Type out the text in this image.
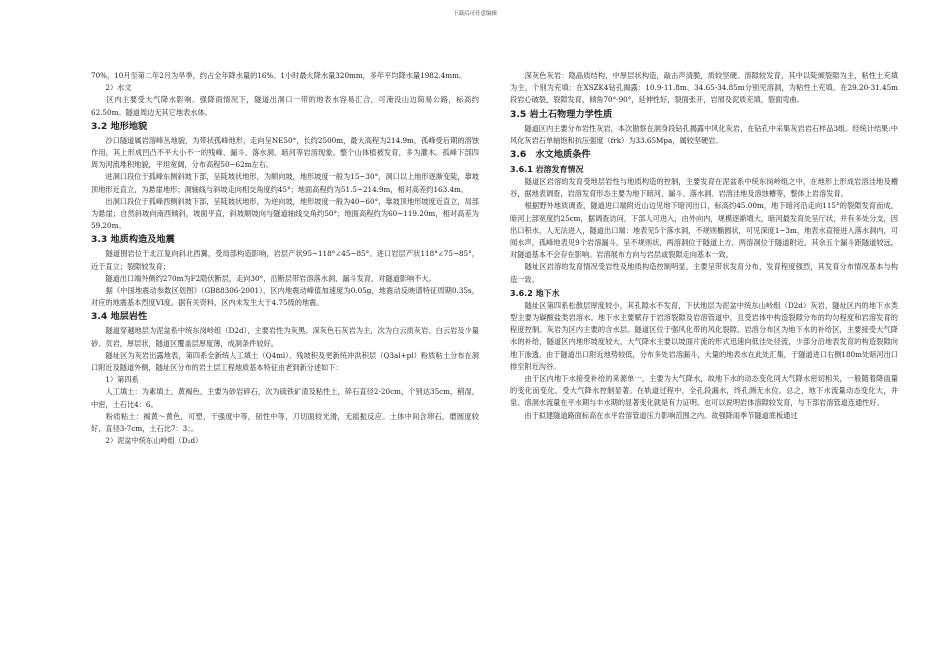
下载后可任意编辑

70%，10月至第二年2月为旱季，约占全年降水量的16%。1小时最大降水量320mm，多年平均降水量1982.4mm。

　　2）水文

　　区内主要受大气降水影响。强降雨情况下，隧道出洞口一带的地表水容易汇合，可淹没山边简易公路，标高约62.50m。隧道周边无其它地表水体。

3.2 地形地貌

　　沙口隧道属岩溶峰丛地貌，为带状孤峰地形，走向呈NE50°，长约2500m，最大高程为214.9m，孤峰受后期的溶蚀作用，其上形成凹凸不平大小不一的残峰、漏斗、落水洞、暗河等岩溶现象。整个山体植被发育，多为灌木。孤峰下部四周为河流堆积地貌，平坦宽阔，分布高程50~62m左右。

　　进洞口段位于孤峰东侧斜坡下部，呈陡坡状地形，为顺向坡，地形坡度一般为15~30°，洞口以上地形逐渐变陡，靠坡顶地形近直立，为悬崖地形；洞轴线与斜坡走向相交角度约45°；地面高程约为51.5~214.9m，相对高差约163.4m。

　　出洞口段位于孤峰西侧斜坡下部，呈陡坡状地形，为逆向坡，地形坡度一般为40~60°，靠坡顶地形坡度近直立，局部为悬崖；自然斜坡向南西倾斜，坡面平直，斜坡顺坡向与隧道轴线交角约50°；地面高程约为60~119.20m，相对高差为59.20m。

3.3 地质构造及地震

　　隧道围岩位于北江复向斜北西翼，受局部构造影响，岩层产状95~118°∠45~85°。进口岩层产状118°∠75~85°，近于直立；裂隙较发育；

　　隧道出口端外侧约270m为F2隐伏断层，走向30°，沿断层带岩溶落水洞、漏斗发育，对隧道影响不大。

　　据《中国地震动参数区划图》（GB88306-2001），区内地震动峰值加速度为0.05g，地震动反映谱特征周期0.35s，对应的地震基本烈度VI度。据有关资料，区内未发生大于4.75级的地震。

3.4 地层岩性

　　隧道穿越地层为泥盆系中统东岗岭组（D2d），主要岩性为灰黑、深灰色石灰岩为主，次为白云质灰岩、白云岩及少量砂、页岩，厚层状，隧道区覆盖层厚度薄，成洞条件较好。

　　隧址区为灰岩出露地表，第四系全新统人工填土（Q4ml）、残坡积及更新统冲洪积层（Q3al+pl）粉质粘土分布在洞口附近及隧道外侧，隧址区分布的岩土层工程地质基本特征由老到新分述如下：

　　1）第四系

　　人工填土：为素填土，黄褐色，主要为砂岩碎石，次为硫铁矿渣及粘性土，碎石直径2-20cm，个别达35cm，稍湿，中密，土石比4：6。

　　粉质粘土：褐黄～黄色，可塑，干强度中等，韧性中等，刀切面较光滑，无摇振反应。土体中间含卵石，磨圆度较好，直径3-7cm，土石比7：3；。

　　2）泥盆中统东山岭组（D₂d）

　　深灰色灰岩：隐晶质结构，中厚层状构造，敲击声清脆，质较坚硬。溶隙较发育，其中以陡倾裂隙为主，粘性土充填为主，个别为充填：在XSZK4钻孔揭露：10.9-11.8m、34.65-34.85m分别见溶洞，为粘性土充填。在29.20-31.45m段岩心破裂，裂隙发育，倾角70°-90°，延伸性好，裂面张开，岩屑及泥质充填，裂面弯曲。

3.5 岩土石物理力学性质

　　隧道区内主要分布岩性灰岩，本次勘察在洞身段钻孔揭露中风化灰岩，在钻孔中采集灰岩岩石样品3组。经统计结果:中风化灰岩石单轴饱和抗压强度（frk）为33.65Mpa，属较坚硬岩。

3.6　水文地质条件
3.6.1 岩溶发育情况

　　隧道区岩溶的发育受地层岩性与地质构造的控制，主要发育在泥盆系中统东岗岭组之中，在地形上形成岩溶洼地及槽谷，据地表调查，岩溶发育形态主要为地下暗河、漏斗、落水洞、岩溶洼地及溶蚀槽等，整体上岩溶发育。

　　根据野外地质调查，隧道进口端附近山边见地下暗河出口，标高约45.00m，地下暗河沿走向115°的裂隙发育而成，暗河上部宽度约25cm，据调查访问，下部人可进入，由外向内，规模逐渐增大，暗河最发育处呈厅状，并有多处分支，因出口积水，人无法进入，隧道出口端：地表见5个落水洞，不规则椭圆状，可见深度1~3m，地表水直接进入落水洞内，可闻水声，孤峰地表见9个岩溶漏斗，呈不规则状，两溶洞位于隧道上方，两溶洞位于隧道附近，其余五个漏斗距隧道较远，对隧道基本不会存在影响。岩溶展布方向与岩层或裂隙走向基本一致。

　　隧址区岩溶的发育情况受岩性及地质构造控制明显，主要呈带状发育分布，发育程度强烈，其发育分布情况基本与构造一致。

3.6.2 地下水

　　隧址区第四系松散层厚度较小，其孔隙水不发育，下伏地层为泥盆中统东山岭组（D2d）灰岩，隧址区内的地下水类型主要为碳酸盐类岩溶水。地下水主要赋存于岩溶裂隙及岩溶管道中，且受岩体中构造裂隙分布的均匀程度和岩溶发育的程度控制。灰岩为区内主要的含水层。隧道区位于强风化带的风化裂隙、岩溶分布区为地下水的补给区，主要接受大气降水的补给，隧道区内地形坡度较大，大气降水主要以坡面片流的形式迅速向低洼处径流，少部分沿地表发育的构造裂隙向地下渗透，由于隧道出口附近地势较低，分布多处岩溶漏斗，大量的地表水在此处汇集，于隧道进口右侧180m处暗河出口排至附近沟谷。

　　由于区内地下水接受补给的来源单一，主要为大气降水，故地下水的动态变化同大气降水密切相关，一般随着降雨量的变化而变化，受大气降水控制显著。在轨道过程中，全孔段漏水，终孔测无水位。总之，地下水流量动态变化大，井泉、溶洞水流量在平水期与丰水期的显著变化就是有力证明。也可以说明岩体溶隙较发育，与下部岩溶管道连通性好。

　　由于拟建隧道路面标高在水平岩溶管道压力影响范围之内。故强降雨季节隧道底板通过
